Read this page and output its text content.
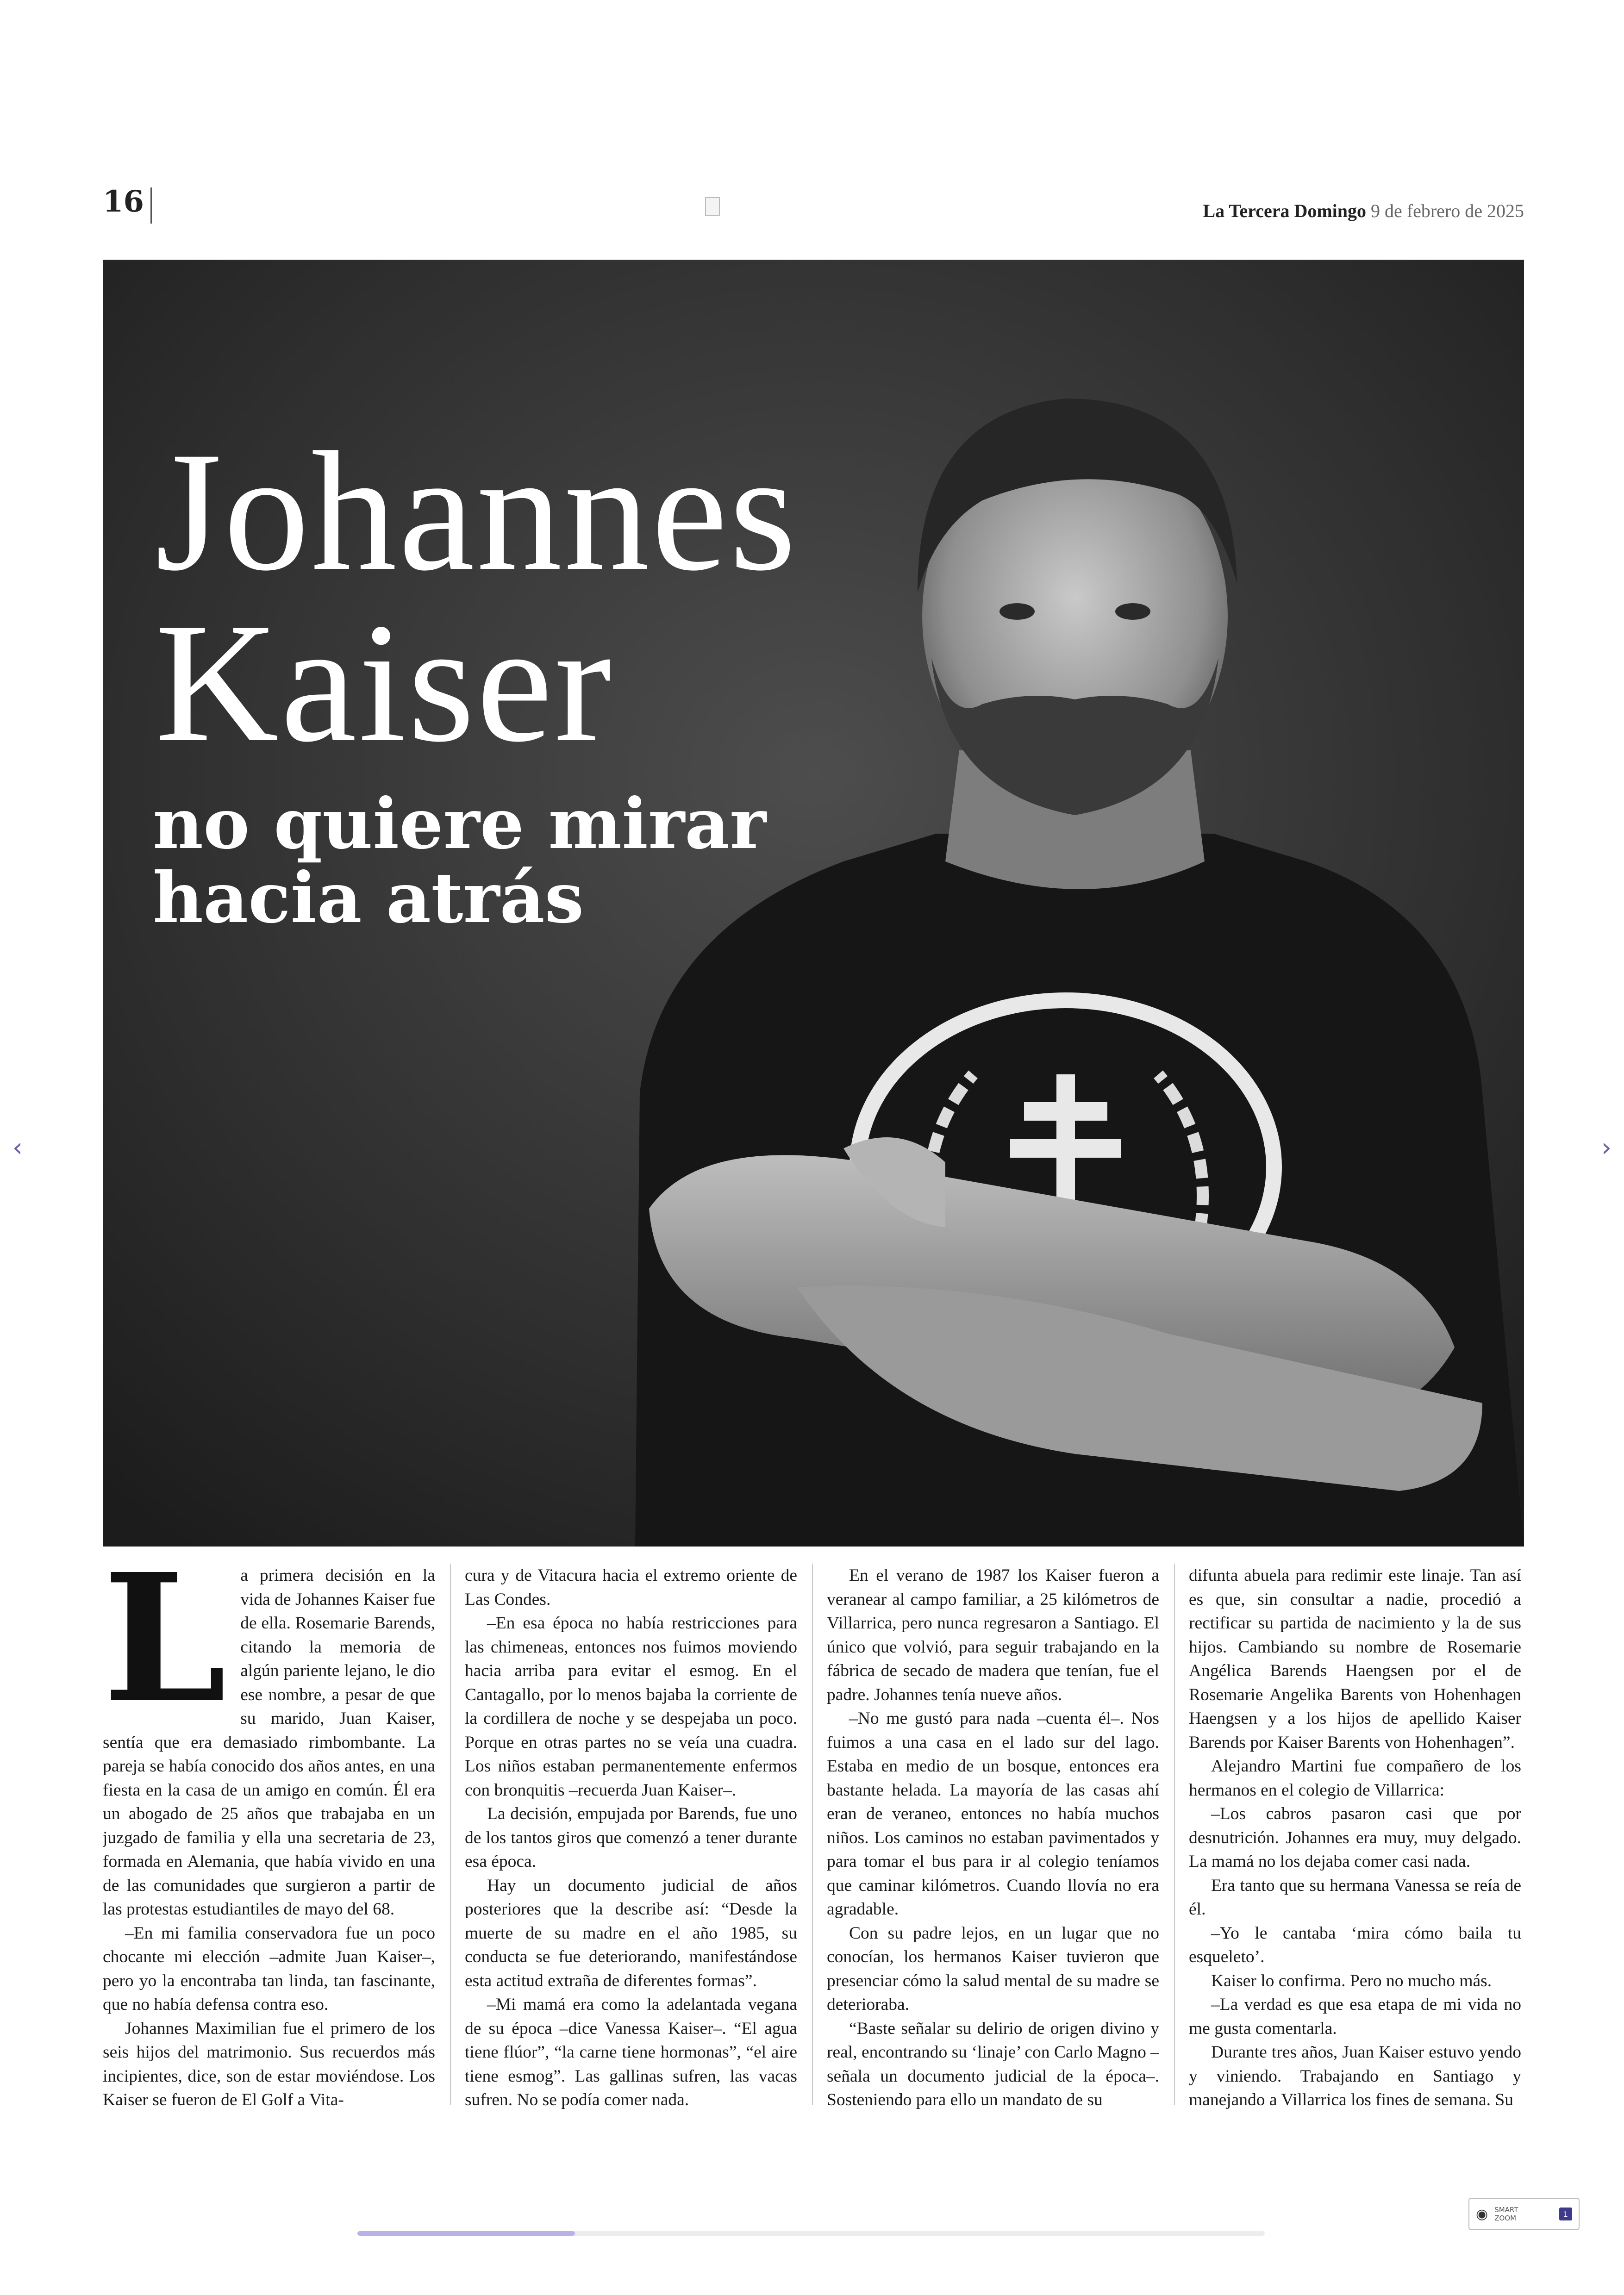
16	La Tercera Domingo 9 de febrero de 2025
Johannes
Kaiser
no quiere mirar
hacia atrás
‹	›
L a primera decisión en la vida de Johannes Kaiser fue de ella. Rosemarie Barends, citando la memoria de algún pariente lejano, le dio ese nombre, a pesar de que su marido, Juan Kaiser, sentía que era demasiado rimbombante. La pareja se había conocido dos años antes, en una fiesta en la casa de un amigo en común. Él era un abogado de 25 años que trabajaba en un juzgado de familia y ella una secretaria de 23, formada en Alemania, que había vivido en una de las comunidades que surgieron a partir de las protestas estudiantiles de mayo del 68.

–En mi familia conservadora fue un poco chocante mi elección –admite Juan Kaiser–, pero yo la encontraba tan linda, tan fascinante, que no había defensa contra eso.

Johannes Maximilian fue el primero de los seis hijos del matrimonio. Sus recuerdos más incipientes, dice, son de estar moviéndose. Los Kaiser se fueron de El Golf a Vita-

cura y de Vitacura hacia el extremo oriente de Las Condes.

–En esa época no había restricciones para las chimeneas, entonces nos fuimos moviendo hacia arriba para evitar el esmog. En el Cantagallo, por lo menos bajaba la corriente de la cordillera de noche y se despejaba un poco. Porque en otras partes no se veía una cuadra. Los niños estaban permanentemente enfermos con bronquitis –recuerda Juan Kaiser–.

La decisión, empujada por Barends, fue uno de los tantos giros que comenzó a tener durante esa época.

Hay un documento judicial de años posteriores que la describe así: “Desde la muerte de su madre en el año 1985, su conducta se fue deteriorando, manifestándose esta actitud extraña de diferentes formas”.

–Mi mamá era como la adelantada vegana de su época –dice Vanessa Kaiser–. “El agua tiene flúor”, “la carne tiene hormonas”, “el aire tiene esmog”. Las gallinas sufren, las vacas sufren. No se podía comer nada.

En el verano de 1987 los Kaiser fueron a veranear al campo familiar, a 25 kilómetros de Villarrica, pero nunca regresaron a Santiago. El único que volvió, para seguir trabajando en la fábrica de secado de madera que tenían, fue el padre. Johannes tenía nueve años.

–No me gustó para nada –cuenta él–. Nos fuimos a una casa en el lado sur del lago. Estaba en medio de un bosque, entonces era bastante helada. La mayoría de las casas ahí eran de veraneo, entonces no había muchos niños. Los caminos no estaban pavimentados y para tomar el bus para ir al colegio teníamos que caminar kilómetros. Cuando llovía no era agradable.

Con su padre lejos, en un lugar que no conocían, los hermanos Kaiser tuvieron que presenciar cómo la salud mental de su madre se deterioraba.

“Baste señalar su delirio de origen divino y real, encontrando su ‘linaje’ con Carlo Magno –señala un documento judicial de la época–. Sosteniendo para ello un mandato de su

difunta abuela para redimir este linaje. Tan así es que, sin consultar a nadie, procedió a rectificar su partida de nacimiento y la de sus hijos. Cambiando su nombre de Rosemarie Angélica Barends Haengsen por el de Rosemarie Angelika Barents von Hohenhagen Haengsen y a los hijos de apellido Kaiser Barends por Kaiser Barents von Hohenhagen”.

Alejandro Martini fue compañero de los hermanos en el colegio de Villarrica:

–Los cabros pasaron casi que por desnutrición. Johannes era muy, muy delgado. La mamá no los dejaba comer casi nada.

Era tanto que su hermana Vanessa se reía de él.

–Yo le cantaba ‘mira cómo baila tu esqueleto’.

Kaiser lo confirma. Pero no mucho más.

–La verdad es que esa etapa de mi vida no me gusta comentarla.

Durante tres años, Juan Kaiser estuvo yendo y viniendo. Trabajando en Santiago y manejando a Villarrica los fines de semana. Su

◉ SMART
ZOOM	1
